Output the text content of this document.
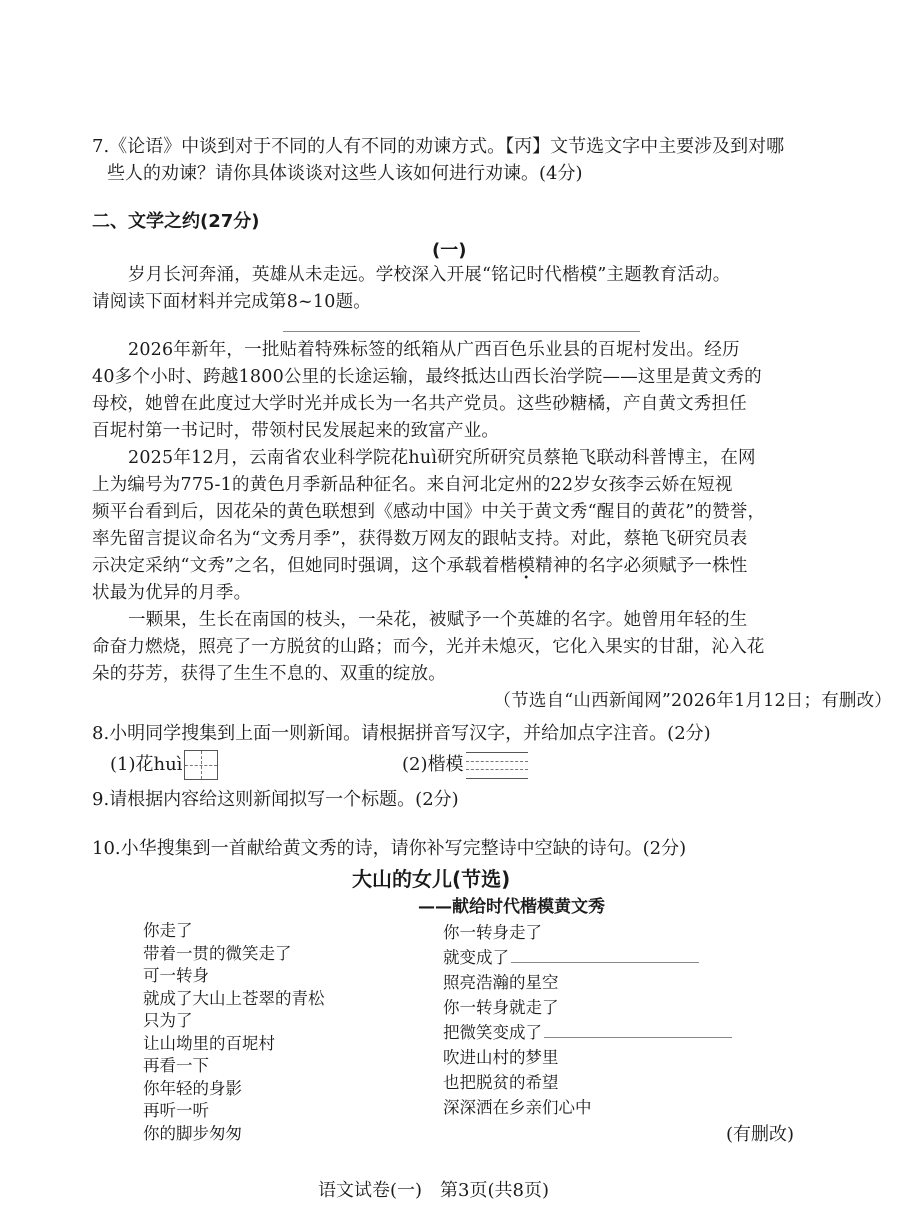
7.《论语》中谈到对于不同的人有不同的劝谏方式。【丙】文节选文字中主要涉及到对哪
些人的劝谏？请你具体谈谈对这些人该如何进行劝谏。(4分)
二、文学之约(27分)
(一)
岁月长河奔涌，英雄从未走远。学校深入开展“铭记时代楷模”主题教育活动。
请阅读下面材料并完成第8~10题。
2026年新年，一批贴着特殊标签的纸箱从广西百色乐业县的百坭村发出。经历
40多个小时、跨越1800公里的长途运输，最终抵达山西长治学院——这里是黄文秀的
母校，她曾在此度过大学时光并成长为一名共产党员。这些砂糖橘，产自黄文秀担任
百坭村第一书记时，带领村民发展起来的致富产业。
2025年12月，云南省农业科学院花huì研究所研究员蔡艳飞联动科普博主，在网
上为编号为775-1的黄色月季新品种征名。来自河北定州的22岁女孩李云娇在短视
频平台看到后，因花朵的黄色联想到《感动中国》中关于黄文秀“醒目的黄花”的赞誉，
率先留言提议命名为“文秀月季”，获得数万网友的跟帖支持。对此，蔡艳飞研究员表
示决定采纳“文秀”之名，但她同时强调，这个承载着楷模精神的名字必须赋予一株性
状最为优异的月季。
一颗果，生长在南国的枝头，一朵花，被赋予一个英雄的名字。她曾用年轻的生
命奋力燃烧，照亮了一方脱贫的山路；而今，光并未熄灭，它化入果实的甘甜，沁入花
朵的芬芳，获得了生生不息的、双重的绽放。
（节选自“山西新闻网”2026年1月12日；有删改）
8.小明同学搜集到上面一则新闻。请根据拼音写汉字，并给加点字注音。(2分)
(1)花huì	(2)楷模
9.请根据内容给这则新闻拟写一个标题。(2分)
10.小华搜集到一首献给黄文秀的诗，请你补写完整诗中空缺的诗句。(2分)
大山的女儿(节选)
——献给时代楷模黄文秀
你走了
带着一贯的微笑走了
可一转身
就成了大山上苍翠的青松
只为了
让山坳里的百坭村
再看一下
你年轻的身影
再听一听
你的脚步匆匆
你一转身走了
就变成了
照亮浩瀚的星空
你一转身就走了
把微笑变成了
吹进山村的梦里
也把脱贫的希望
深深洒在乡亲们心中
(有删改)
语文试卷(一)　第3页(共8页)
